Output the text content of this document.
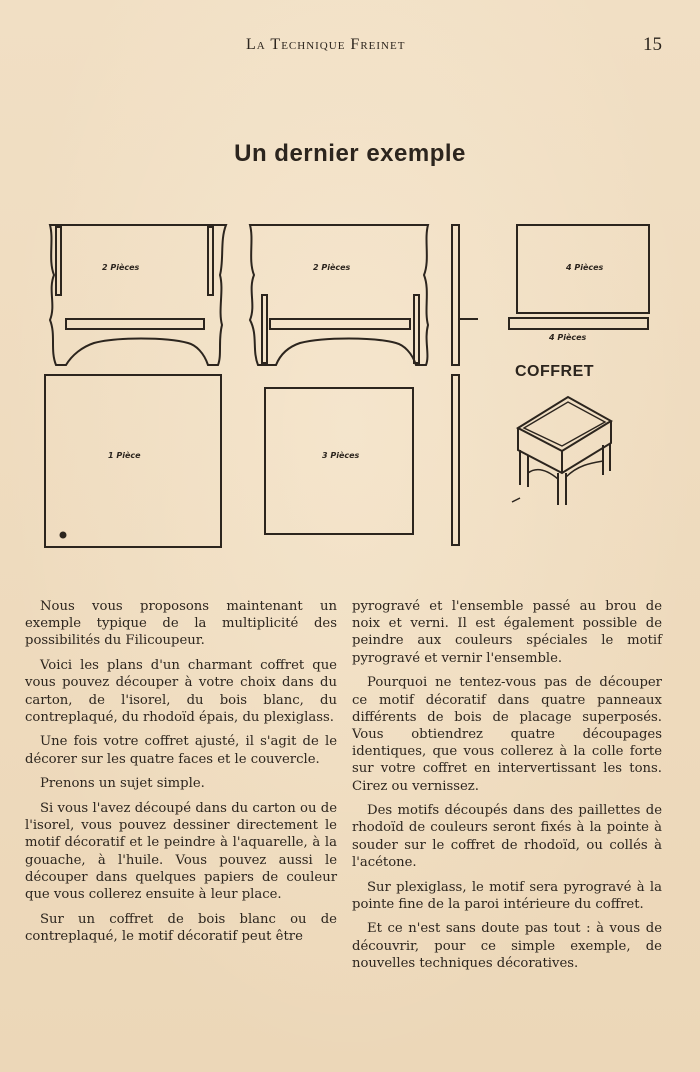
La Technique Freinet	15
Un dernier exemple
2 Pièces	2 Pièces	4 Pièces
4 Pièces
1 Pièce	3 Pièces
COFFRET

Nous vous proposons maintenant un exemple typique de la multiplicité des possibilités du Filicoupeur.

Voici les plans d'un charmant coffret que vous pouvez découper à votre choix dans du carton, de l'isorel, du bois blanc, du contreplaqué, du rhodoïd épais, du plexiglass.

Une fois votre coffret ajusté, il s'agit de le décorer sur les quatre faces et le couvercle.

Prenons un sujet simple.

Si vous l'avez découpé dans du carton ou de l'isorel, vous pouvez dessiner directement le motif décoratif et le peindre à l'aquarelle, à la gouache, à l'huile. Vous pouvez aussi le découper dans quelques papiers de couleur que vous collerez ensuite à leur place.

Sur un coffret de bois blanc ou de contreplaqué, le motif décoratif peut être

pyrogravé et l'ensemble passé au brou de noix et verni. Il est également possible de peindre aux couleurs spéciales le motif pyrogravé et vernir l'ensemble.

Pourquoi ne tentez-vous pas de découper ce motif décoratif dans quatre panneaux différents de bois de placage superposés. Vous obtiendrez quatre découpages identiques, que vous collerez à la colle forte sur votre coffret en intervertissant les tons. Cirez ou vernissez.

Des motifs découpés dans des paillettes de rhodoïd de couleurs seront fixés à la pointe à souder sur le coffret de rhodoïd, ou collés à l'acétone.

Sur plexiglass, le motif sera pyrogravé à la pointe fine de la paroi intérieure du coffret.

Et ce n'est sans doute pas tout : à vous de découvrir, pour ce simple exemple, de nouvelles techniques décoratives.
